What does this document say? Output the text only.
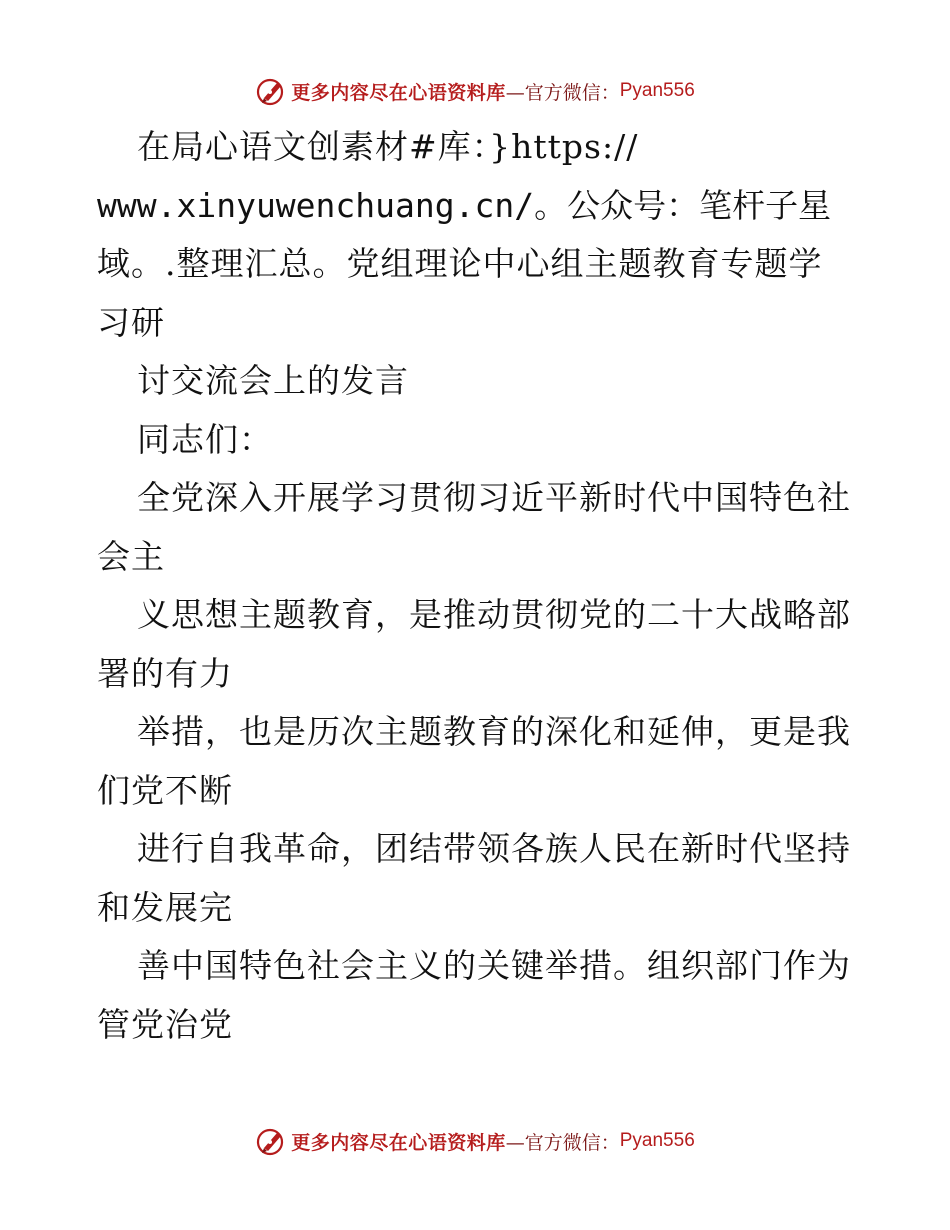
更多内容尽在心语资料库 —官方微信： Pyan556
在局心语文创素材#库：}https://
www.xinyuwenchuang.cn/。公众号：笔杆子星
域。.整理汇总。党组理论中心组主题教育专题学
习研
讨交流会上的发言
同志们：
全党深入开展学习贯彻习近平新时代中国特色社
会主
义思想主题教育，是推动贯彻党的二十大战略部
署的有力
举措，也是历次主题教育的深化和延伸，更是我
们党不断
进行自我革命，团结带领各族人民在新时代坚持
和发展完
善中国特色社会主义的关键举措。组织部门作为
管党治党
更多内容尽在心语资料库 —官方微信： Pyan556
